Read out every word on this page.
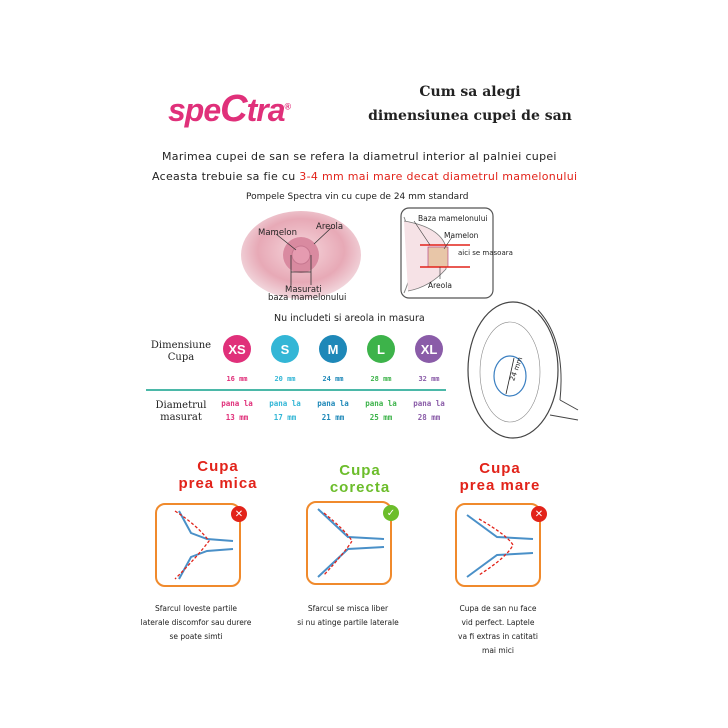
speCtra®
Cum sa alegi
dimensiunea cupei de san
Marimea cupei de san se refera la diametrul interior al palniei cupei
Aceasta trebuie sa fie cu 3-4 mm mai mare decat diametrul mamelonului
Pompele Spectra vin cu cupe de 24 mm standard
Mamelon
Areola
Masurati
baza mamelonului
Baza mamelonului
Mamelon
aici se masoara
Areola
Nu includeti si areola in masura
Dimensiune
Cupa
Diametrul
masurat
XS
16 mm
pana la
13 mm
S
20 mm
pana la
17 mm
M
24 mm
pana la
21 mm
L
28 mm
pana la
25 mm
XL
32 mm
pana la
28 mm
24 mm
Cupa
prea mica
Cupa
corecta
Cupa
prea mare
✕	✓	✕
Sfarcul loveste partile
laterale discomfor sau durere
se poate simti
Sfarcul se misca liber
si nu atinge partile laterale
Cupa de san nu face
vid perfect. Laptele
va fi extras in catitati
mai mici
